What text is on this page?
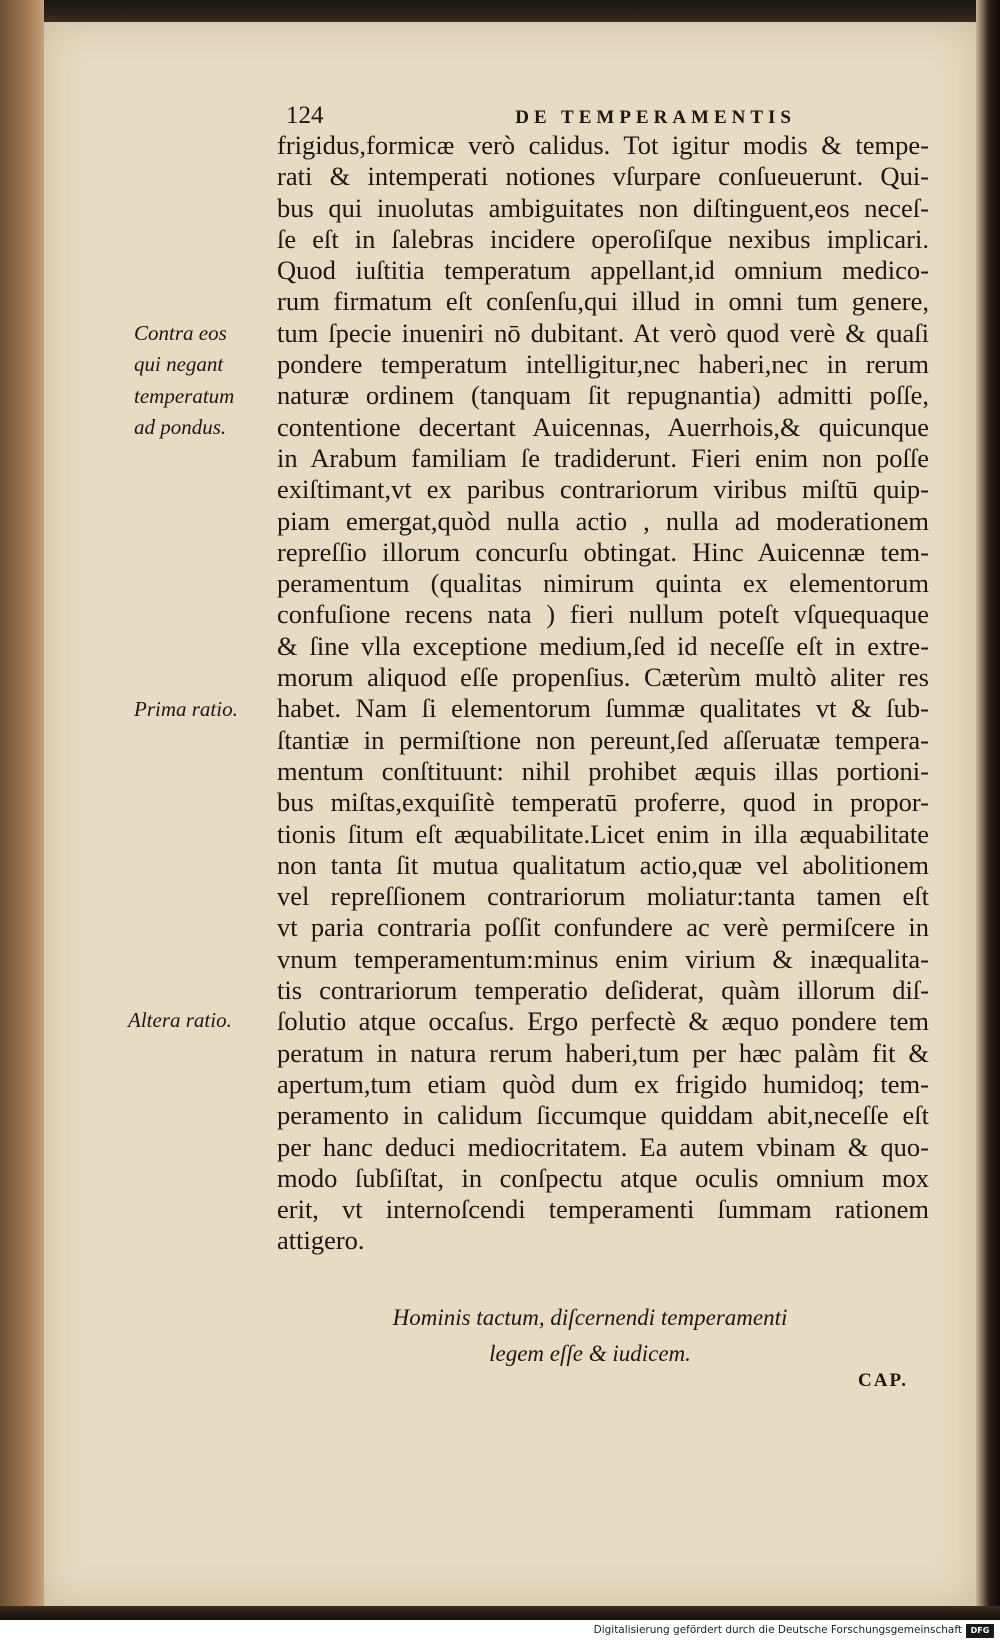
124	DE TEMPERAMENTIS
frigidus,formicæ verò calidus. Tot igitur modis & tempe-
rati & intemperati notiones vſurpare conſueuerunt. Qui-
bus qui inuolutas ambiguitates non diſtinguent,eos neceſ-
ſe eſt in ſalebras incidere operoſiſque nexibus implicari.
Quod iuſtitia temperatum appellant,id omnium medico-
rum firmatum eſt conſenſu,qui illud in omni tum genere,
tum ſpecie inueniri nō dubitant. At verò quod verè & quaſi
pondere temperatum intelligitur,nec haberi,nec in rerum
naturæ ordinem (tanquam ſit repugnantia) admitti poſſe,
contentione decertant Auicennas, Auerrhois,& quicunque
in Arabum familiam ſe tradiderunt. Fieri enim non poſſe
exiſtimant,vt ex paribus contrariorum viribus miſtū quip-
piam emergat,quòd nulla actio , nulla ad moderationem
repreſſio illorum concurſu obtingat. Hinc Auicennæ tem-
peramentum (qualitas nimirum quinta ex elementorum
confuſione recens nata ) fieri nullum poteſt vſquequaque
& ſine vlla exceptione medium,ſed id neceſſe eſt in extre-
morum aliquod eſſe propenſius. Cæterùm multò aliter res
habet. Nam ſi elementorum ſummæ qualitates vt & ſub-
ſtantiæ in permiſtione non pereunt,ſed aſſeruatæ tempera-
mentum conſtituunt: nihil prohibet æquis illas portioni-
bus miſtas,exquiſitè temperatū proferre, quod in propor-
tionis ſitum eſt æquabilitate.Licet enim in illa æquabilitate
non tanta ſit mutua qualitatum actio,quæ vel abolitionem
vel repreſſionem contrariorum moliatur:tanta tamen eſt
vt paria contraria poſſit confundere ac verè permiſcere in
vnum temperamentum:minus enim virium & inæqualita-
tis contrariorum temperatio deſiderat, quàm illorum diſ-
ſolutio atque occaſus. Ergo perfectè & æquo pondere tem
peratum in natura rerum haberi,tum per hæc palàm fit &
apertum,tum etiam quòd dum ex frigido humidoq; tem-
peramento in calidum ſiccumque quiddam abit,neceſſe eſt
per hanc deduci mediocritatem. Ea autem vbinam & quo-
modo ſubſiſtat, in conſpectu atque oculis omnium mox
erit, vt internoſcendi temperamenti ſummam rationem
attigero.
Contra eos
qui negant
temperatum
ad pondus.
Prima ratio.
Altera ratio.
Hominis tactum, diſcernendi temperamenti
legem eſſe & iudicem.
CAP.
Digitalisierung gefördert durch die Deutsche Forschungsgemeinschaft	DFG
